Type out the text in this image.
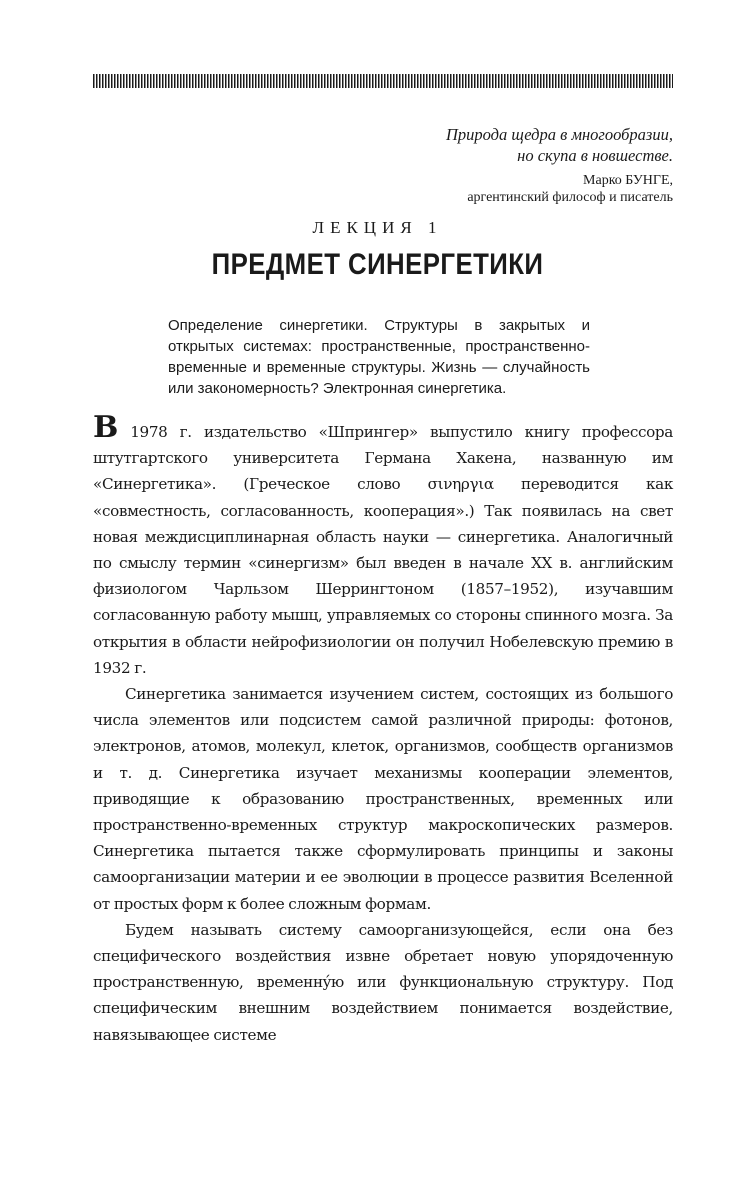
Природа щедра в многообразии,

но скупа в новшестве.

Марко БУНГЕ,

аргентинский философ и писатель

ЛЕКЦИЯ 1

ПРЕДМЕТ СИНЕРГЕТИКИ

Определение синергетики. Структуры в закрытых и открытых системах: пространственные, пространственно-временные и временные структуры. Жизнь — случайность или закономерность? Электронная синергетика.

В 1978 г. издательство «Шпрингер» выпустило книгу профессора штутгартского университета Германа Хакена, названную им «Синергетика». (Греческое слово σινηργια переводится как «совместность, согласованность, кооперация».) Так появилась на свет новая междисциплинарная область науки — синергетика. Аналогичный по смыслу термин «синергизм» был введен в начале XX в. английским физиологом Чарльзом Шеррингтоном (1857–1952), изучавшим согласованную работу мышц, управляемых со стороны спинного мозга. За открытия в области нейрофизиологии он получил Нобелевскую премию в 1932 г.

Синергетика занимается изучением систем, состоящих из большого числа элементов или подсистем самой различной природы: фотонов, электронов, атомов, молекул, клеток, организмов, сообществ организмов и т. д. Синергетика изучает механизмы кооперации элементов, приводящие к образованию пространственных, временных или пространственно-временных структур макроскопических размеров. Синергетика пытается также сформулировать принципы и законы самоорганизации материи и ее эволюции в процессе развития Вселенной от простых форм к более сложным формам.

Будем называть систему самоорганизующейся, если она без специфического воздействия извне обретает новую упорядоченную пространственную, временнýю или функциональную структуру. Под специфическим внешним воздействием понимается воздействие, навязывающее системе
